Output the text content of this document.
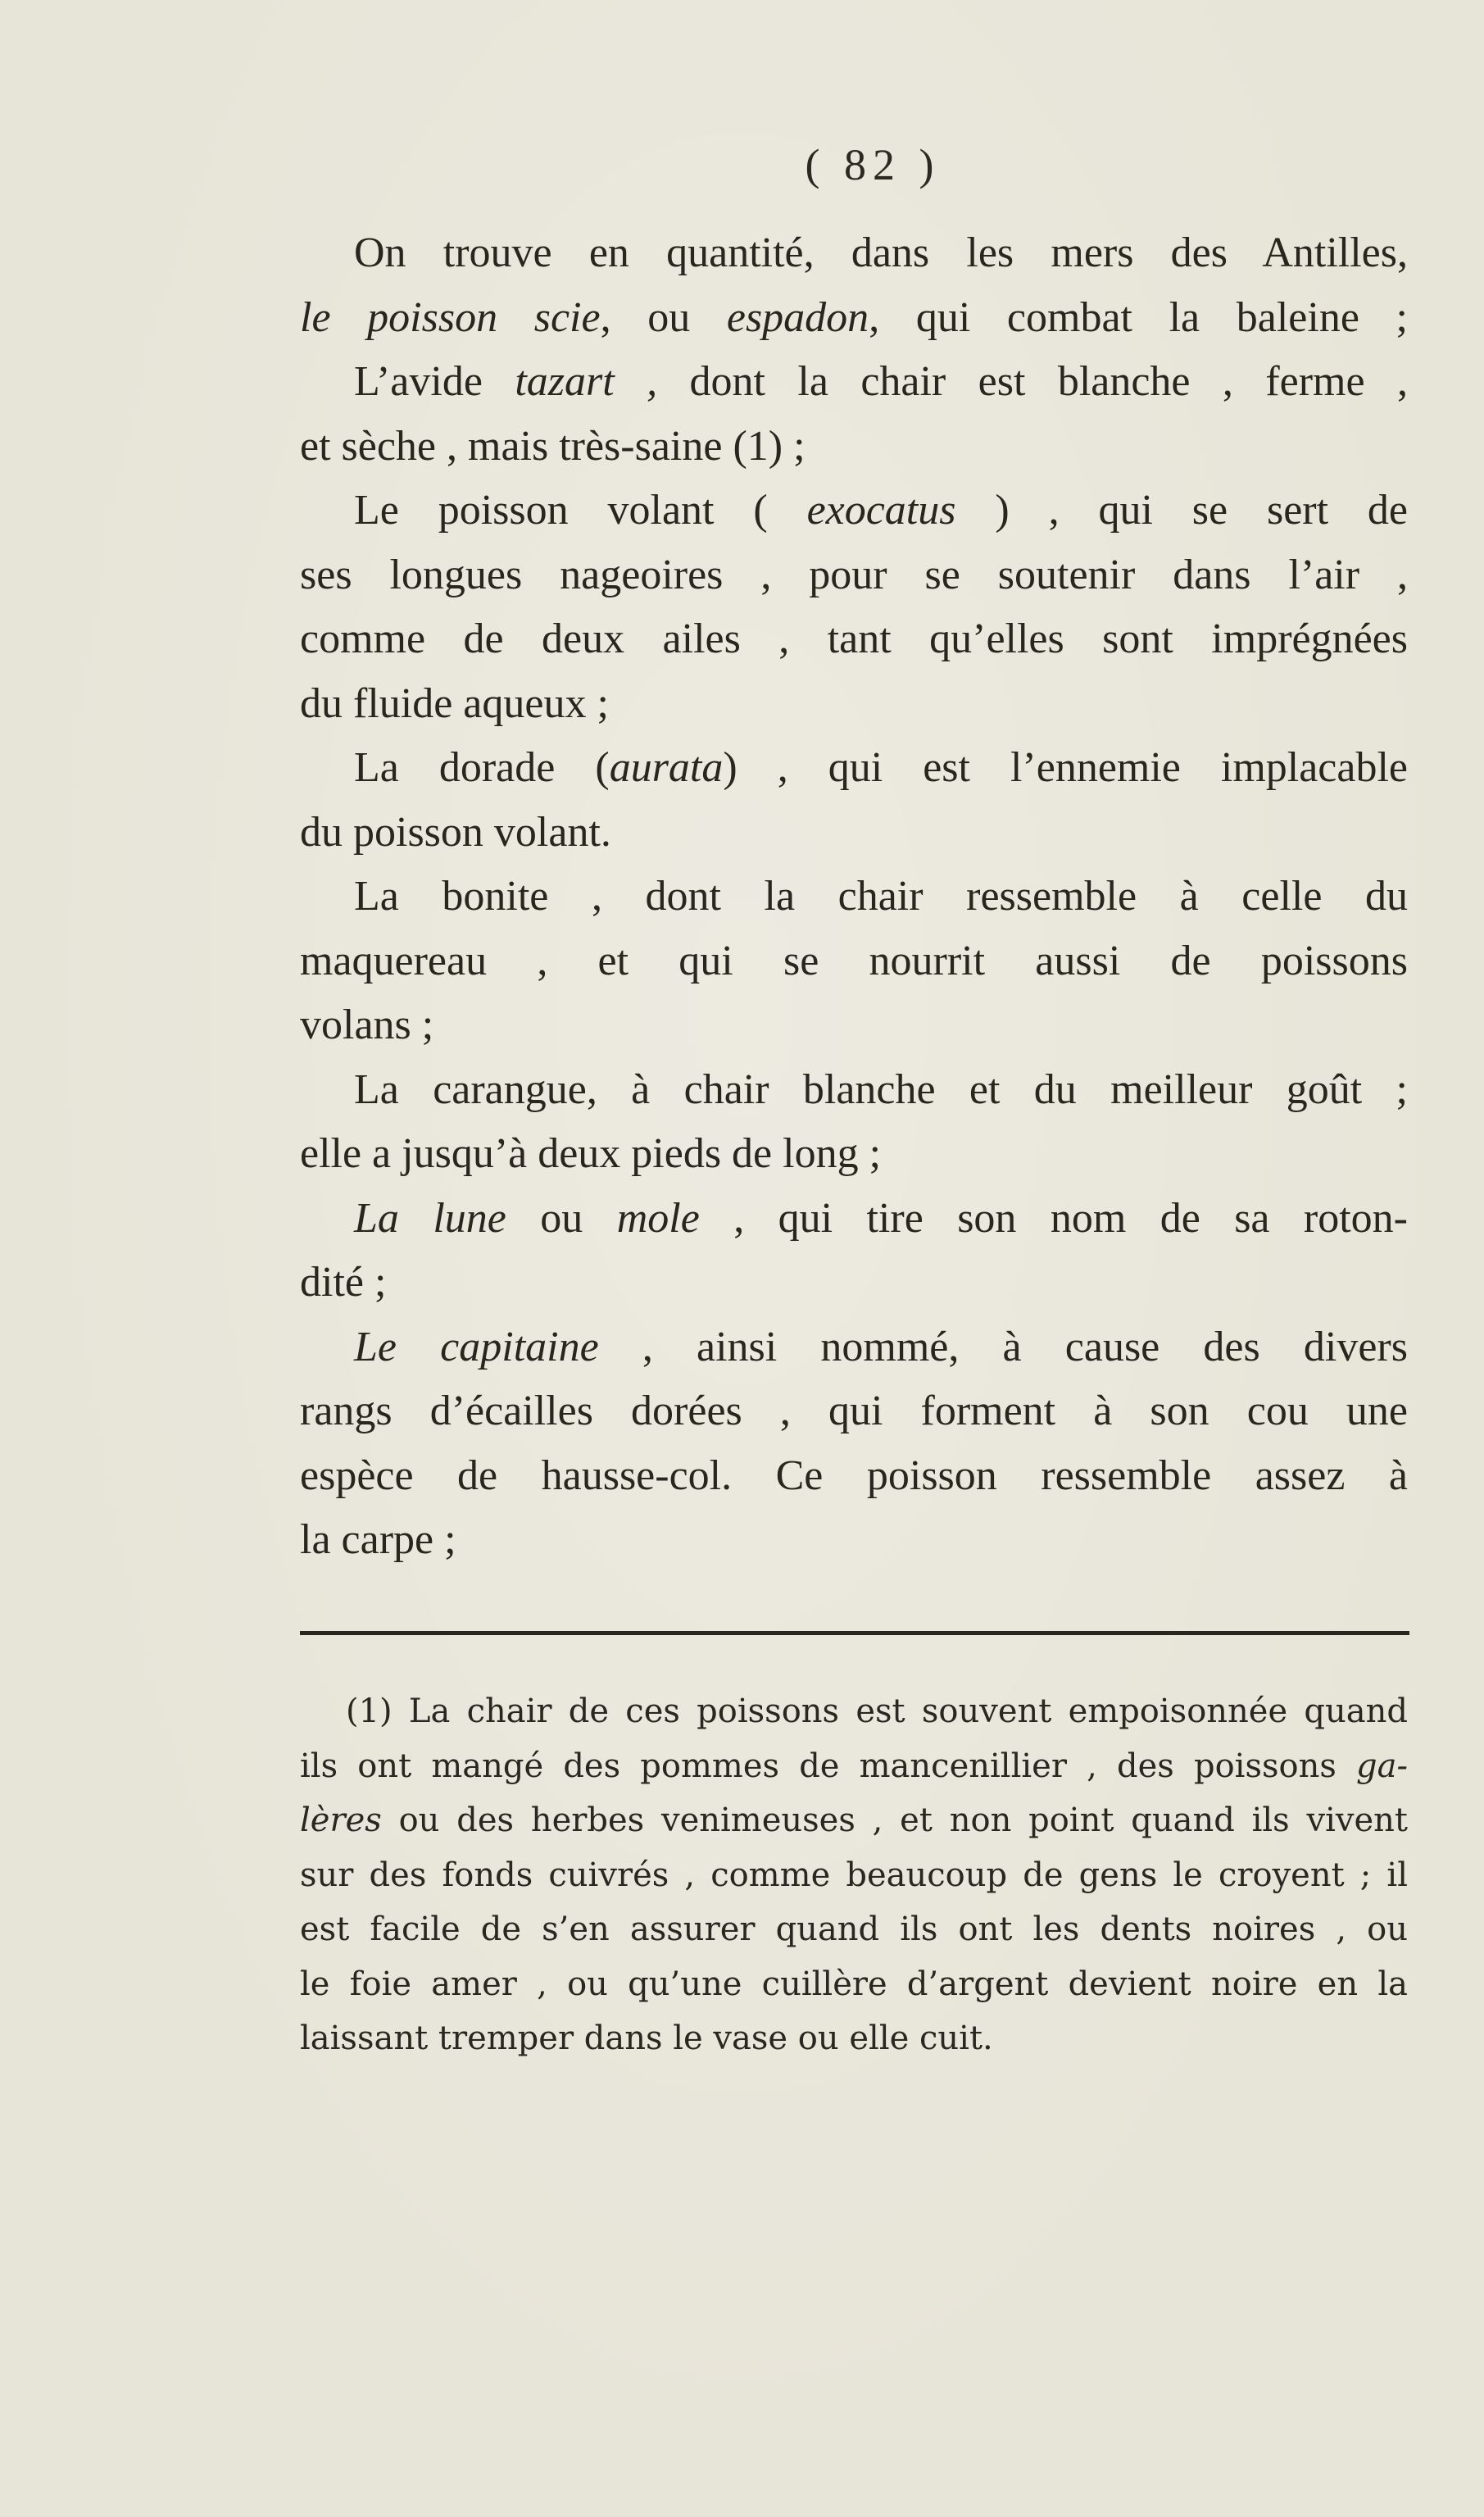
( 82 )
On trouve en quantité, dans les mers des Antilles,
le poisson scie, ou espadon, qui combat la baleine ;
L’avide tazart , dont la chair est blanche , ferme ,
et sèche , mais très-saine (1) ;
Le poisson volant ( exocatus ) , qui se sert de
ses longues nageoires , pour se soutenir dans l’air ,
comme de deux ailes , tant qu’elles sont imprégnées
du fluide aqueux ;
La dorade (aurata) , qui est l’ennemie implacable
du poisson volant.
La bonite , dont la chair ressemble à celle du
maquereau , et qui se nourrit aussi de poissons
volans ;
La carangue, à chair blanche et du meilleur goût ;
elle a jusqu’à deux pieds de long ;
La lune ou mole , qui tire son nom de sa roton-
dité ;
Le capitaine , ainsi nommé, à cause des divers
rangs d’écailles dorées , qui forment à son cou une
espèce de hausse-col. Ce poisson ressemble assez à
la carpe ;
(1) La chair de ces poissons est souvent empoisonnée quand
ils ont mangé des pommes de mancenillier , des poissons ga-
lères ou des herbes venimeuses , et non point quand ils vivent
sur des fonds cuivrés , comme beaucoup de gens le croyent ; il
est facile de s’en assurer quand ils ont les dents noires , ou
le foie amer , ou qu’une cuillère d’argent devient noire en la
laissant tremper dans le vase ou elle cuit.
